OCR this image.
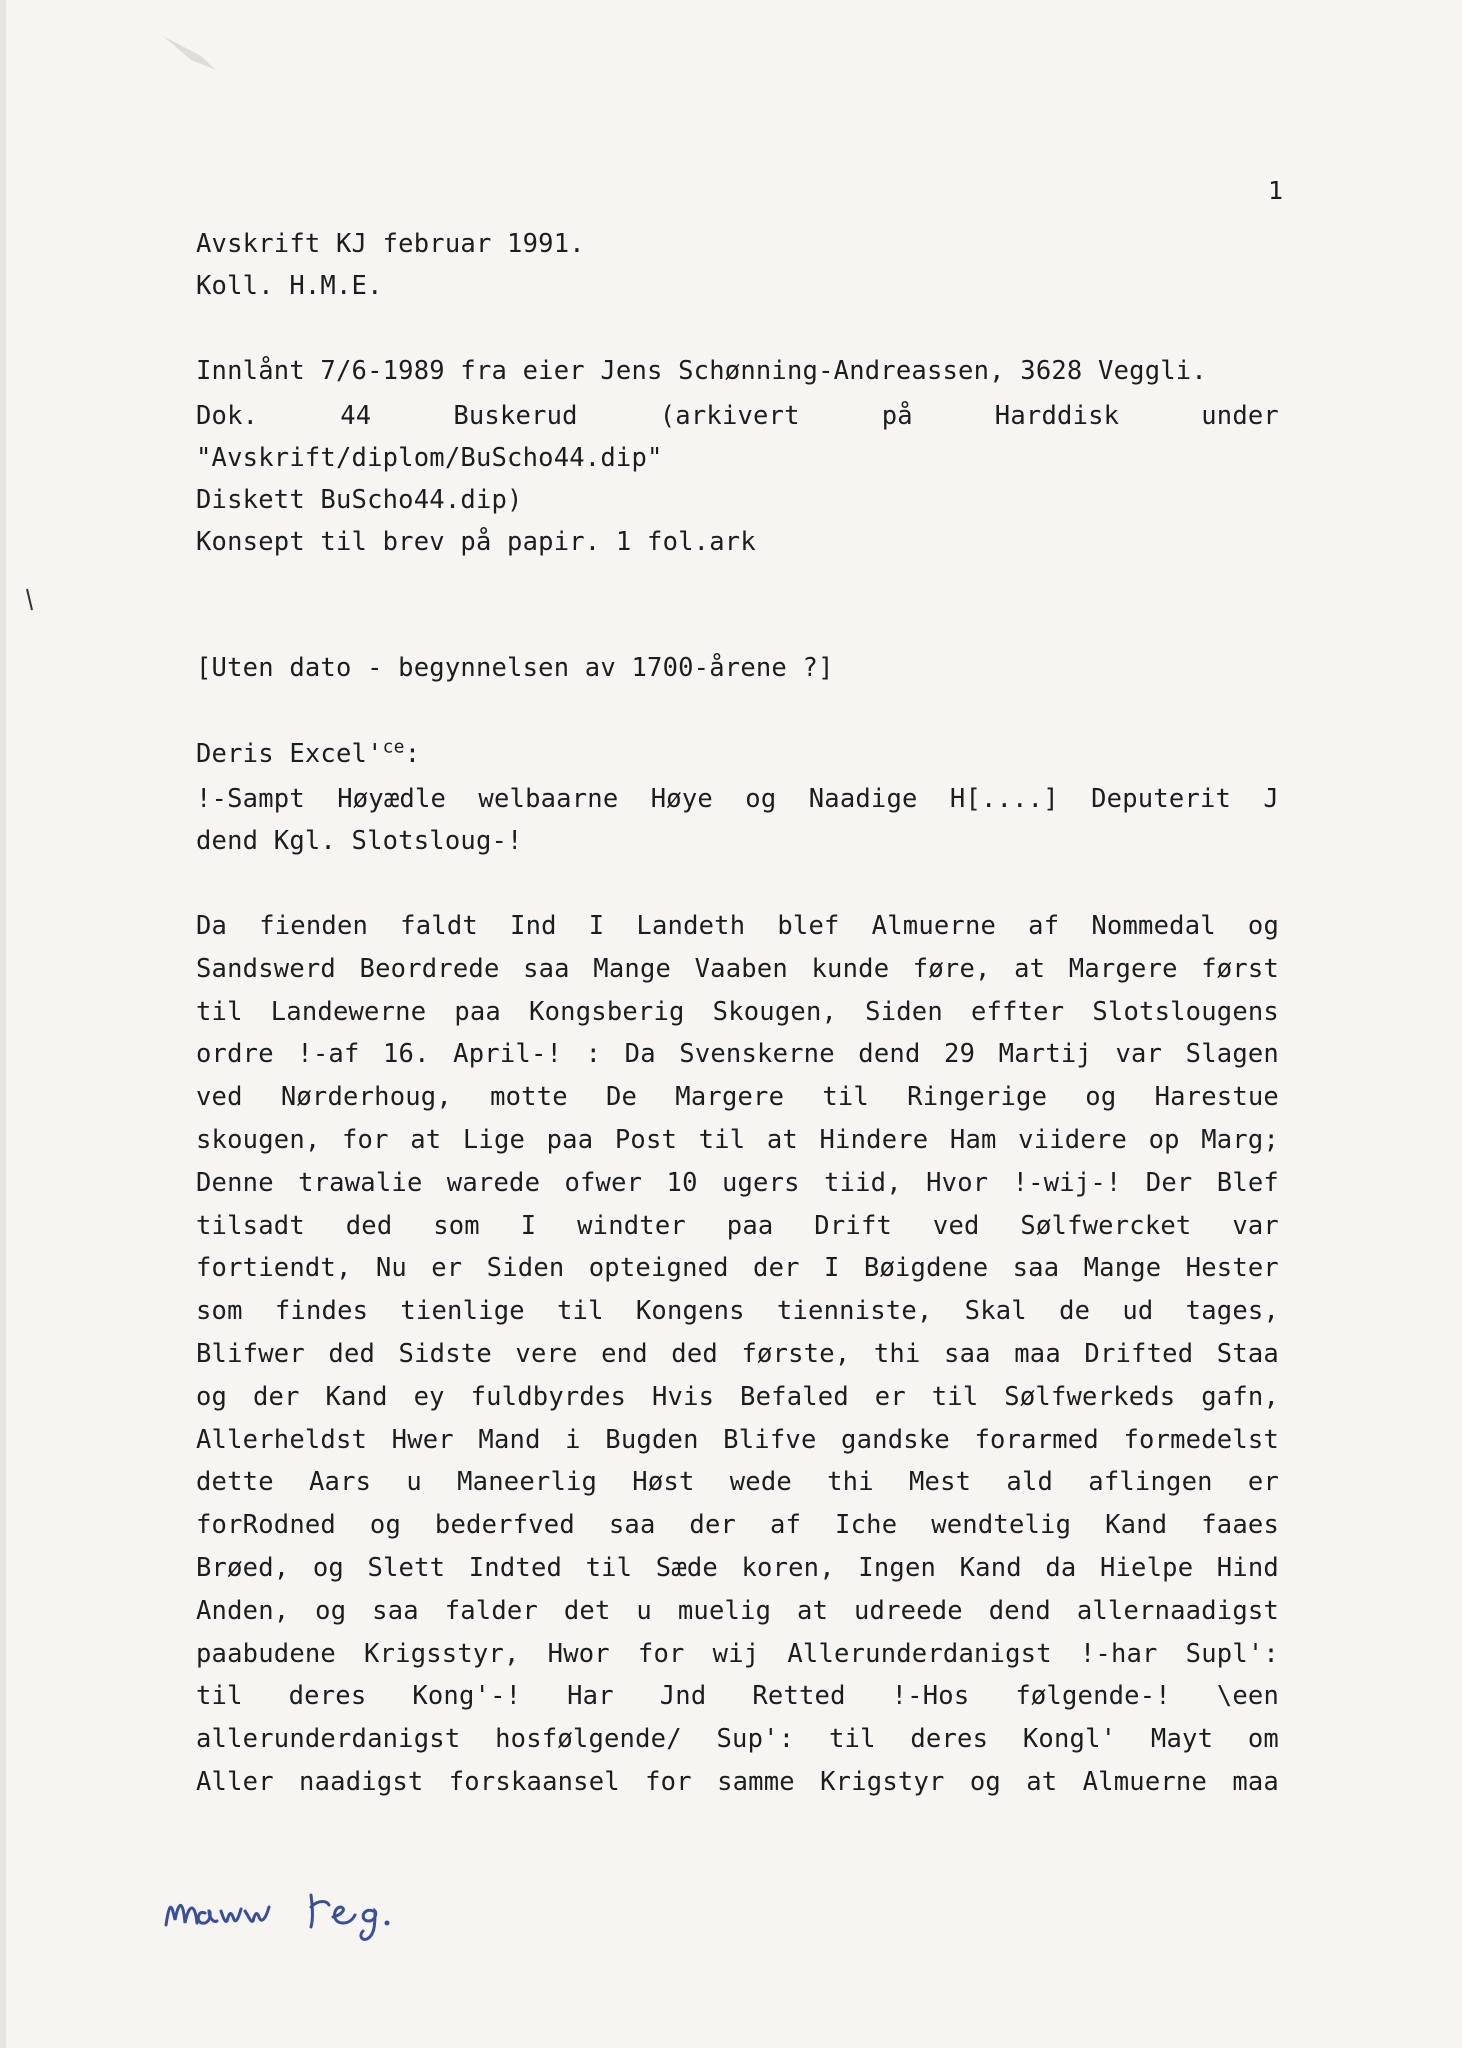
1
Avskrift KJ februar 1991.
Koll. H.M.E.
Innlånt 7/6-1989 fra eier Jens Schønning-Andreassen, 3628 Veggli.
Dok. 44 Buskerud (arkivert på Harddisk under
"Avskrift/diplom/BuScho44.dip"
Diskett BuScho44.dip)
Konsept til brev på papir. 1 fol.ark
[Uten dato - begynnelsen av 1700-årene ?]
Deris $Excel'^{ce}$:
!-Sampt Høyædle welbaarne Høye og Naadige H[....] Deputerit J
dend Kgl. Slotsloug-!
Da fienden faldt Ind I Landeth blef Almuerne af Nommedal og
Sandswerd Beordrede saa Mange Vaaben kunde føre, at Margere først
til Landewerne paa Kongsberig Skougen, Siden effter Slotslougens
ordre !-af 16. April-! : Da Svenskerne dend 29 Martij var Slagen
ved Nørderhoug, motte De Margere til Ringerige og Harestue
skougen, for at Lige paa Post til at Hindere Ham viidere op Marg;
Denne trawalie warede ofwer 10 ugers tiid, Hvor !-wij-! Der Blef
tilsadt ded som I windter paa Drift ved Sølfwercket var
fortiendt, Nu er Siden opteigned der I Bøigdene saa Mange Hester
som findes tienlige til Kongens tienniste, Skal de ud tages,
Blifwer ded Sidste vere end ded første, thi saa maa Drifted Staa
og der Kand ey fuldbyrdes Hvis Befaled er til Sølfwerkeds gafn,
Allerheldst Hwer Mand i Bugden Blifve gandske forarmed formedelst
dette Aars u Maneerlig Høst wede thi Mest ald aflingen er
forRodned og bederfved saa der af Iche wendtelig Kand faaes
Brøed, og Slett Indted til Sæde koren, Ingen Kand da Hielpe Hind
Anden, og saa falder det u muelig at udreede dend allernaadigst
paabudene Krigsstyr, Hwor for wij Allerunderdanigst !-har Supl':
til deres Kong'-! Har Jnd Retted !-Hos følgende-! \een
allerunderdanigst hosfølgende/ Sup': til deres Kongl' Mayt om
Aller naadigst forskaansel for samme Krigstyr og at Almuerne maa
